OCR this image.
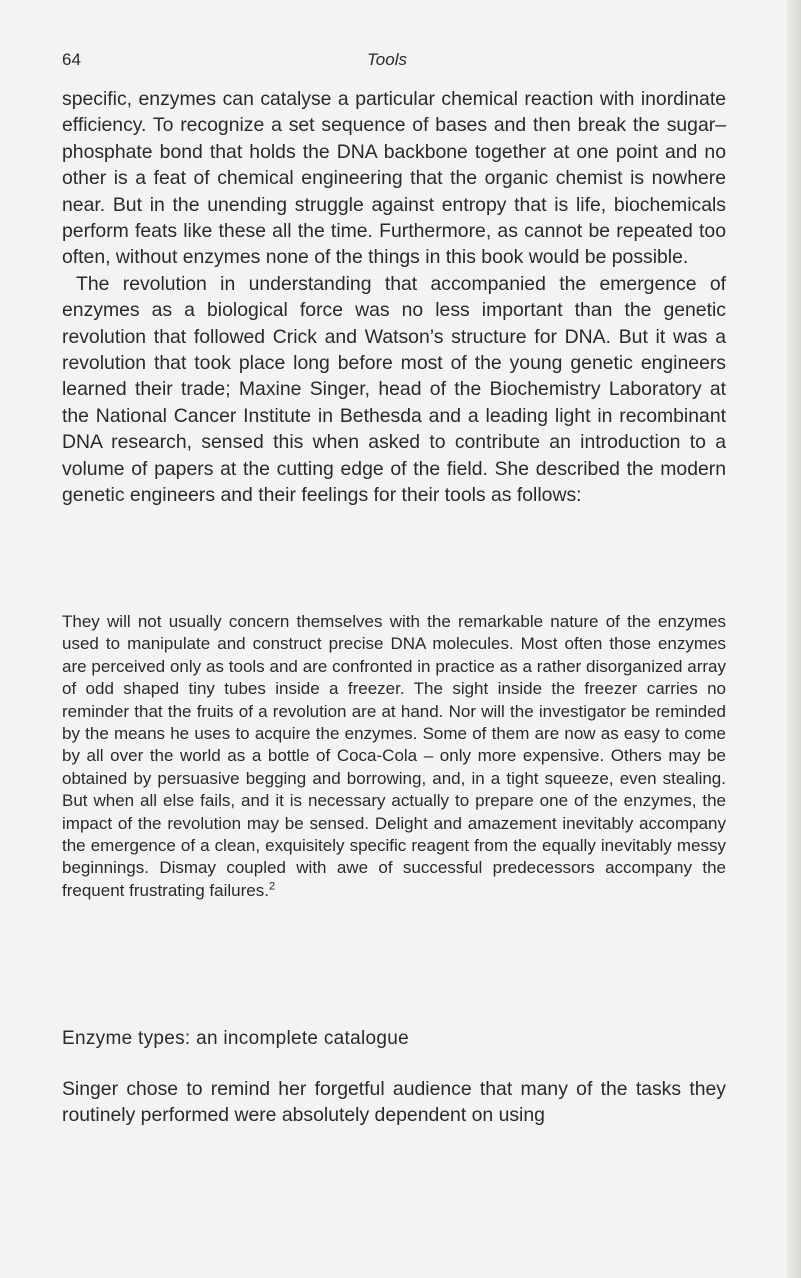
64	Tools

specific, enzymes can catalyse a particular chemical reaction with inordinate efficiency. To recognize a set sequence of bases and then break the sugar–phosphate bond that holds the DNA backbone together at one point and no other is a feat of chemical engineering that the organic chemist is nowhere near. But in the unending struggle against entropy that is life, biochemicals perform feats like these all the time. Furthermore, as cannot be repeated too often, without enzymes none of the things in this book would be possible.

The revolution in understanding that accompanied the emergence of enzymes as a biological force was no less important than the genetic revolution that followed Crick and Watson’s structure for DNA. But it was a revolution that took place long before most of the young genetic engineers learned their trade; Maxine Singer, head of the Biochemistry Laboratory at the National Cancer Institute in Bethesda and a leading light in recombinant DNA research, sensed this when asked to contribute an introduction to a volume of papers at the cutting edge of the field. She described the modern genetic engineers and their feelings for their tools as follows:

They will not usually concern themselves with the remarkable nature of the enzymes used to manipulate and construct precise DNA molecules. Most often those enzymes are perceived only as tools and are confronted in practice as a rather disorganized array of odd shaped tiny tubes inside a freezer. The sight inside the freezer carries no reminder that the fruits of a revolution are at hand. Nor will the investigator be reminded by the means he uses to acquire the enzymes. Some of them are now as easy to come by all over the world as a bottle of Coca-Cola – only more expensive. Others may be obtained by persuasive begging and borrowing, and, in a tight squeeze, even stealing. But when all else fails, and it is necessary actually to prepare one of the enzymes, the impact of the revolution may be sensed. Delight and amazement inevitably accompany the emergence of a clean, exquisitely specific reagent from the equally inevitably messy beginnings. Dismay coupled with awe of successful predecessors accompany the frequent frustrating failures.$^2$
Enzyme types: an incomplete catalogue

Singer chose to remind her forgetful audience that many of the tasks they routinely performed were absolutely dependent on using
